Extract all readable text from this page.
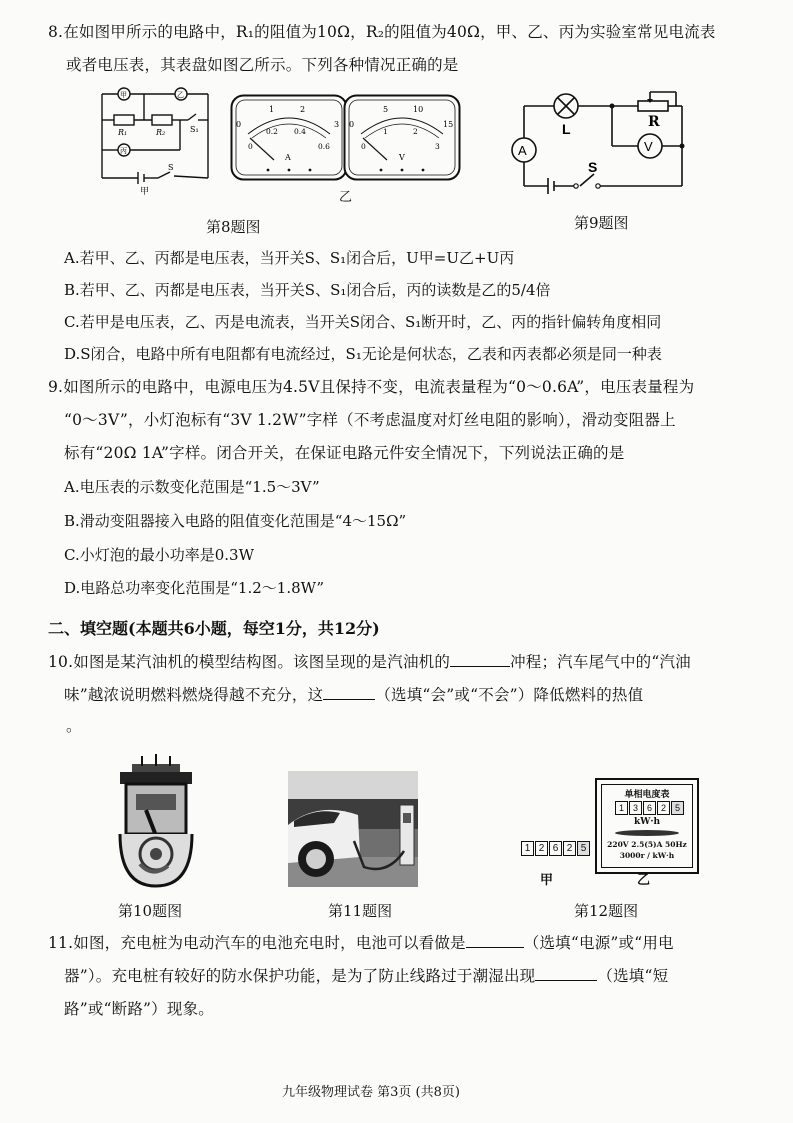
8.在如图甲所示的电路中，R₁的阻值为10Ω，R₂的阻值为40Ω，甲、乙、丙为实验室常见电流表
或者电压表，其表盘如图乙所示。下列各种情况正确的是
甲	乙
丙
R₁	R₂	S₁
S
甲
0
1	2
3
0
0.2 0.4
0.6
A
0
5	10
15
0
1	2
3
V
乙
A
L	R
V
S
第8题图	第9题图
A.若甲、乙、丙都是电压表，当开关S、S₁闭合后，U甲=U乙+U丙
B.若甲、乙、丙都是电压表，当开关S、S₁闭合后，丙的读数是乙的5/4倍
C.若甲是电压表，乙、丙是电流表，当开关S闭合、S₁断开时，乙、丙的指针偏转角度相同
D.S闭合，电路中所有电阻都有电流经过，S₁无论是何状态，乙表和丙表都必须是同一种表
9.如图所示的电路中，电源电压为4.5V且保持不变，电流表量程为“0～0.6A”，电压表量程为
“0～3V”，小灯泡标有“3V 1.2W”字样（不考虑温度对灯丝电阻的影响），滑动变阻器上
标有“20Ω 1A”字样。闭合开关，在保证电路元件安全情况下，下列说法正确的是
A.电压表的示数变化范围是“1.5～3V”
B.滑动变阻器接入电路的阻值变化范围是“4～15Ω”
C.小灯泡的最小功率是0.3W
D.电路总功率变化范围是“1.2～1.8W”
二、填空题(本题共6小题，每空1分，共12分)
10.如图是某汽油机的模型结构图。该图呈现的是汽油机的	冲程；汽车尾气中的“汽油
味”越浓说明燃料燃烧得越不充分，这	（选填“会”或“不会”）降低燃料的热值
。
1 2 6 2 5
甲
单相电度表
1 3 6 2 5
kW·h
220V 2.5(5)A 50Hz
3000r / kW·h
乙
第10题图	第11题图	第12题图
11.如图，充电桩为电动汽车的电池充电时，电池可以看做是	（选填“电源”或“用电
器”）。充电桩有较好的防水保护功能，是为了防止线路过于潮湿出现	（选填“短
路”或“断路”）现象。
九年级物理试卷 第3页 (共8页)
